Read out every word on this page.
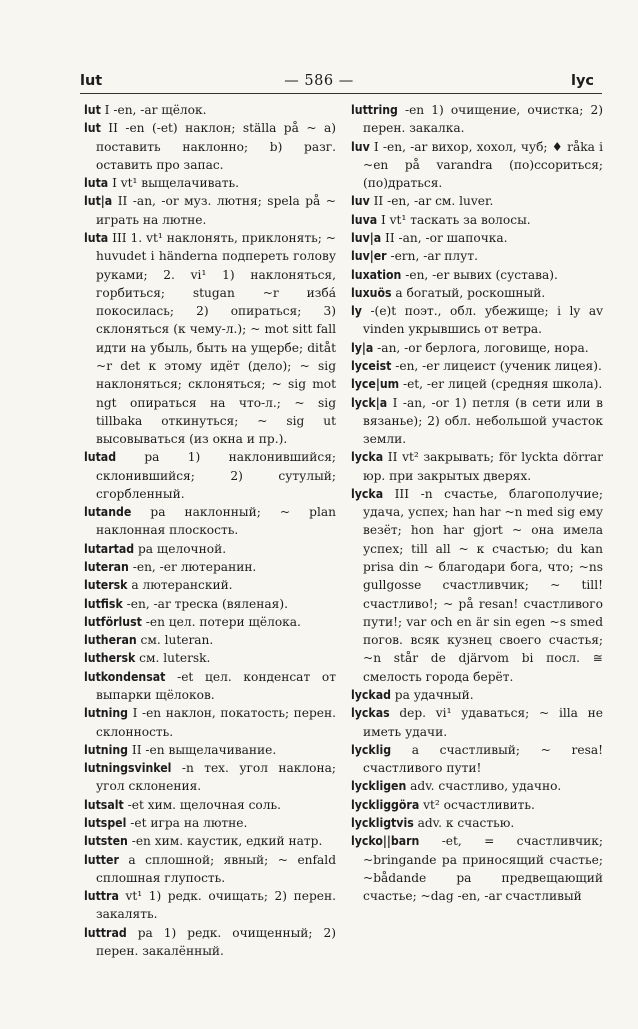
lut	— 586 —	lyc

lut I -en, -ar щёлок.

lut II -en (-et) наклон; ställa på ~ a) поставить наклонно; b) разг. оставить про запас.

luta I vt¹ выщелачивать.

lut|a II -an, -or муз. лютня; spela på ~ играть на лютне.

luta III 1. vt¹ наклонять, приклонять; ~ huvudet i händerna подпереть голову руками; 2. vi¹ 1) наклоняться, горбиться; stugan ~r избá покосилась; 2) опираться; 3) склоняться (к чему-л.); ~ mot sitt fall идти на убыль, быть на ущербе; ditåt ~r det к этому идёт (дело); ~ sig наклоняться; склоняться; ~ sig mot ngt опираться на что-л.; ~ sig tillbaka откинуться; ~ sig ut высовываться (из окна и пр.).

lutad pa 1) наклонившийся; склонившийся; 2) сутулый; сгорбленный.

lutande pa наклонный; ~ plan наклонная плоскость.

lutartad pa щелочной.

luteran -en, -er лютеранин.

lutersk a лютеранский.

lutfisk -en, -ar треска (вяленая).

lutförlust -en цел. потери щёлока.

lutheran см. luteran.

luthersk см. lutersk.

lutkondensat -et цел. конденсат от выпарки щёлоков.

lutning I -en наклон, покатость; перен. склонность.

lutning II -en выщелачивание.

lutningsvinkel -n тех. угол наклона; угол склонения.

lutsalt -et хим. щелочная соль.

lutspel -et игра на лютне.

lutsten -en хим. каустик, едкий натр.

lutter a сплошной; явный; ~ enfald сплошная глупость.

luttra vt¹ 1) редк. очищать; 2) перен. закалять.

luttrad pa 1) редк. очищенный; 2) перен. закалённый.

luttring -en 1) очищение, очистка; 2) перен. закалка.

luv I -en, -ar вихор, хохол, чуб; ♦ råka i ~en på varandra (по)ссориться; (по)драться.

luv II -en, -ar см. luver.

luva I vt¹ таскать за волосы.

luv|a II -an, -or шапочка.

luv|er -ern, -ar плут.

luxation -en, -er вывих (сустава).

luxuös a богатый, роскошный.

ly -(e)t поэт., обл. убежище; i ly av vinden укрывшись от ветра.

ly|a -an, -or берлога, логовище, нора.

lyceist -en, -er лицеист (ученик лицея).

lyce|um -et, -er лицей (средняя школа).

lyck|a I -an, -or 1) петля (в сети или в вязанье); 2) обл. небольшой участок земли.

lycka II vt² закрывать; för lyckta dörrar юр. при закрытых дверях.

lycka III -n счастье, благополучие; удача, успех; han har ~n med sig ему везёт; hon har gjort ~ она имела успех; till all ~ к счастью; du kan prisa din ~ благодари бога, что; ~ns gullgosse счастливчик; ~ till! счастливо!; ~ på resan! счастливого пути!; var och en är sin egen ~s smed погов. всяк кузнец своего счастья; ~n står de djärvom bi посл. ≅ смелость города берёт.

lyckad pa удачный.

lyckas dep. vi¹ удаваться; ~ illa не иметь удачи.

lycklig a счастливый; ~ resa! счастливого пути!

lyckligen adv. счастливо, удачно.

lyckliggöra vt² осчастливить.

lyckligtvis adv. к счастью.

lycko||barn -et, = счастливчик; ~bringande pa приносящий счастье; ~bådande pa предвещающий счастье; ~dag -en, -ar счастливый
